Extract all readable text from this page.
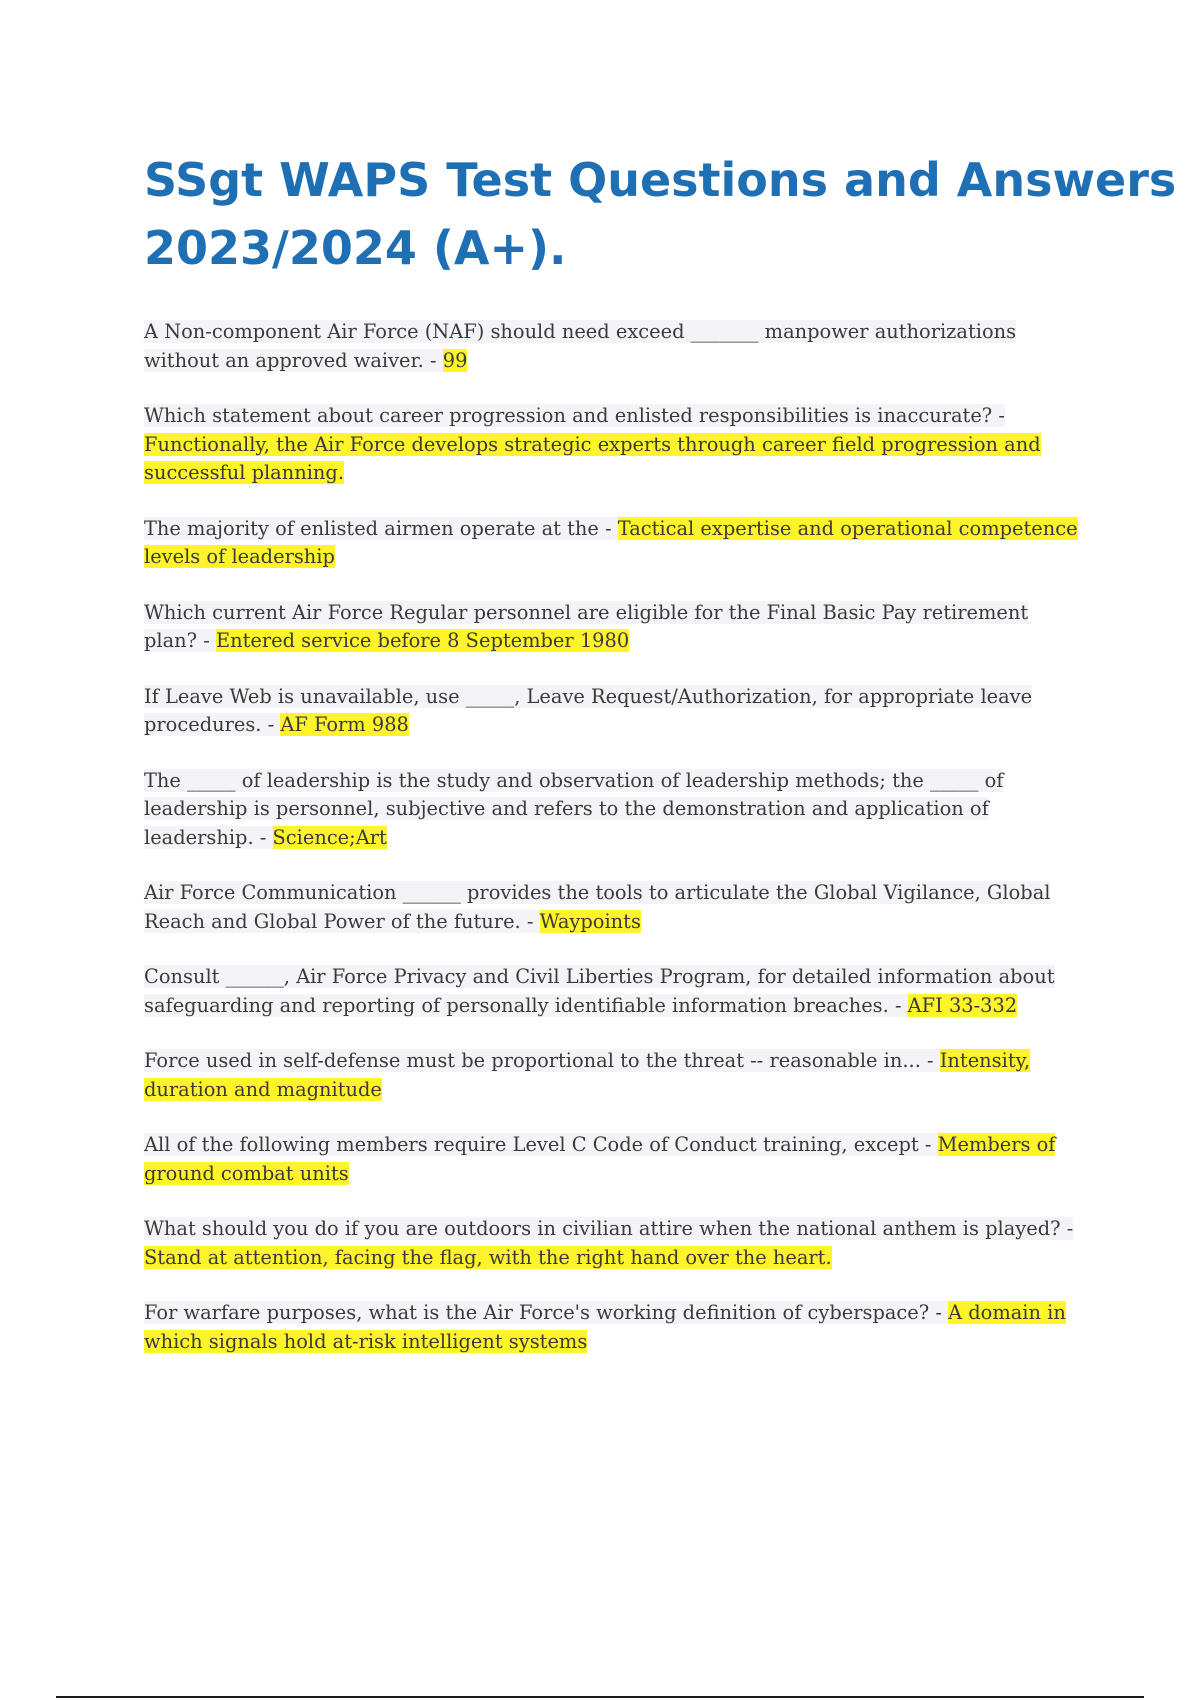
SSgt WAPS Test Questions and Answers
2023/2024 (A+).
A Non-component Air Force (NAF) should need exceed _______ manpower authorizations without an approved waiver. - 99
Which statement about career progression and enlisted responsibilities is inaccurate? - Functionally, the Air Force develops strategic experts through career field progression and successful planning.
The majority of enlisted airmen operate at the - Tactical expertise and operational competence levels of leadership
Which current Air Force Regular personnel are eligible for the Final Basic Pay retirement plan? - Entered service before 8 September 1980
If Leave Web is unavailable, use _____, Leave Request/Authorization, for appropriate leave procedures. - AF Form 988
The _____ of leadership is the study and observation of leadership methods; the _____ of leadership is personnel, subjective and refers to the demonstration and application of leadership. - Science;Art
Air Force Communication ______ provides the tools to articulate the Global Vigilance, Global Reach and Global Power of the future. - Waypoints
Consult ______, Air Force Privacy and Civil Liberties Program, for detailed information about safeguarding and reporting of personally identifiable information breaches. - AFI 33-332
Force used in self-defense must be proportional to the threat -- reasonable in... - Intensity, duration and magnitude
All of the following members require Level C Code of Conduct training, except - Members of ground combat units
What should you do if you are outdoors in civilian attire when the national anthem is played? - Stand at attention, facing the flag, with the right hand over the heart.
For warfare purposes, what is the Air Force's working definition of cyberspace? - A domain in which signals hold at-risk intelligent systems
